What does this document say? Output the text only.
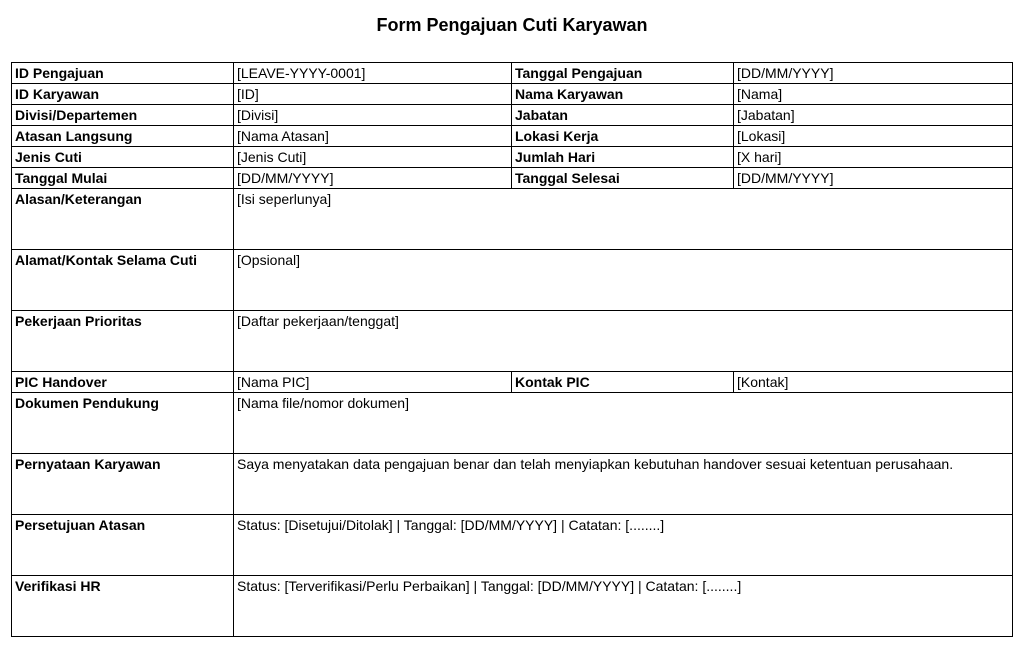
Form Pengajuan Cuti Karyawan
ID Pengajuan	[LEAVE-YYYY-0001]	Tanggal Pengajuan	[DD/MM/YYYY]
ID Karyawan	[ID]	Nama Karyawan	[Nama]
Divisi/Departemen	[Divisi]	Jabatan	[Jabatan]
Atasan Langsung	[Nama Atasan]	Lokasi Kerja	[Lokasi]
Jenis Cuti	[Jenis Cuti]	Jumlah Hari	[X hari]
Tanggal Mulai	[DD/MM/YYYY]	Tanggal Selesai	[DD/MM/YYYY]
Alasan/Keterangan	[Isi seperlunya]		
Alamat/Kontak Selama Cuti	[Opsional]		
Pekerjaan Prioritas	[Daftar pekerjaan/tenggat]		
PIC Handover	[Nama PIC]	Kontak PIC	[Kontak]
Dokumen Pendukung	[Nama file/nomor dokumen]		
Pernyataan Karyawan	Saya menyatakan data pengajuan benar dan telah menyiapkan kebutuhan handover sesuai ketentuan perusahaan.		
Persetujuan Atasan	Status: [Disetujui/Ditolak] | Tanggal: [DD/MM/YYYY] | Catatan: [........]		
Verifikasi HR	Status: [Terverifikasi/Perlu Perbaikan] | Tanggal: [DD/MM/YYYY] | Catatan: [........]		
